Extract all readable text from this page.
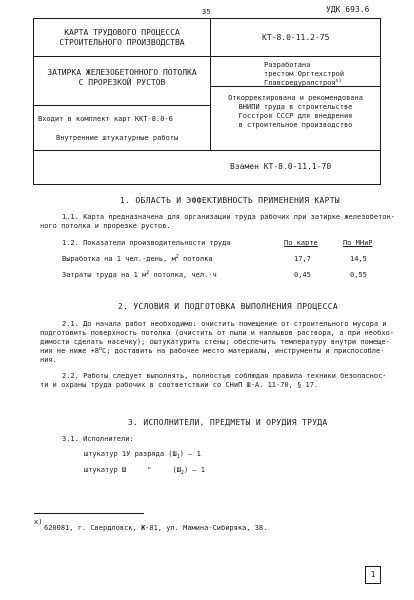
35	УДК 693.6
КАРТА ТРУДОВОГО ПРОЦЕССА
СТРОИТЕЛЬНОГО ПРОИЗВОДСТВА
КТ-8.0-11.2-75
ЗАТИРКА ЖЕЛЕЗОБЕТОННОГО ПОТОЛКА
С ПРОРЕЗКОЙ РУСТОВ
Разработана
трестом Оргтехстрой
Главсредуралстроя$^{x)}$
Входит в комплект карт ККТ-8.0-6
Внутренние штукатурные работы
Откорректирована и рекомендована
ВНИПИ труда в строительстве
Госстроя СССР для внедрения
в строительное производство
Взамен КТ-8.0-11.1-70
1. ОБЛАСТЬ И ЭФФЕКТИВНОСТЬ ПРИМЕНЕНИЯ КАРТЫ
1.1. Карта предназначена для организации труда рабочих при затирке железобетон-
ного потолка и прорезке рустов.
1.2. Показатели производительности труда	По карте	По МНиР
Выработка на 1 чел.-день, $м^2$ потолка	17,7	14,5
Затраты труда на 1 $м^2$ потолка, чел.-ч	0,45	0,55
2. УСЛОВИЯ И ПОДГОТОВКА ВЫПОЛНЕНИЯ ПРОЦЕССА
2.1. До начала работ необходимо: очистить помещение от строительного мусора и
подготовить поверхность потолка (очистить от пыли и наплывов раствора, а при необхо-
димости сделать насечку); оштукатурить стены; обеспечить температуру внутри помеще-
ния не ниже $+8^oС$; доставить на рабочее место материалы, инструменты и приспособле-
ния.
2.2. Работы следует выполнять, полностью соблюдая правила техники безопаснос-
ти и охраны труда рабочих в соответствии со СНиП Ш-А. 11-70, § 17.
3. ИСПОЛНИТЕЛИ, ПРЕДМЕТЫ И ОРУДИЯ ТРУДА
3.1. Исполнители:
штукатур 1У разряда $(Ш_1) - 1$
штукатур Ш     "     $(Ш_2) - 1$
x)
620081, г. Свердловск, Ж-81, ул. Мамина-Сибиряка, 38.
1
